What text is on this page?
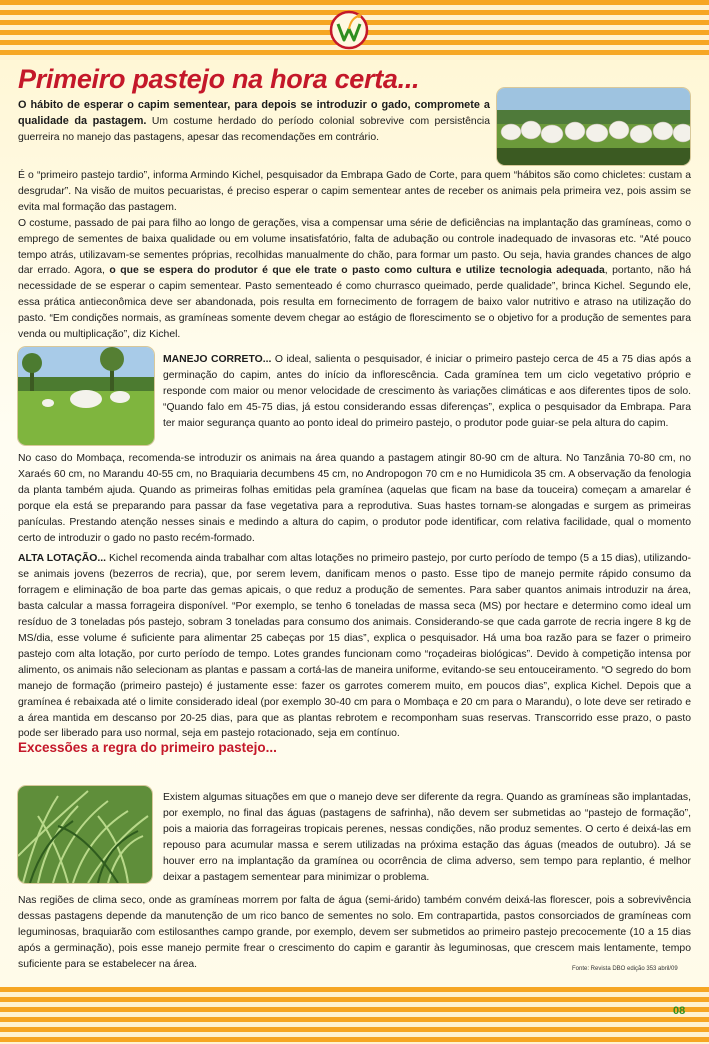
Primeiro pastejo na hora certa...

O hábito de esperar o capim sementear, para depois se introduzir o gado, compromete a qualidade da pastagem. Um costume herdado do período colonial sobrevive com persistência guerreira no manejo das pastagens, apesar das recomendações em contrário.

É o “primeiro pastejo tardio”, informa Armindo Kichel, pesquisador da Embrapa Gado de Corte, para quem “hábitos são como chicletes: custam a desgrudar”. Na visão de muitos pecuaristas, é preciso esperar o capim sementear antes de receber os animais pela primeira vez, pois assim se evita mal formação das pastagem.

O costume, passado de pai para filho ao longo de gerações, visa a compensar uma série de deficiências na implantação das gramíneas, como o emprego de sementes de baixa qualidade ou em volume insatisfatório, falta de adubação ou controle inadequado de invasoras etc. “Até pouco tempo atrás, utilizavam-se sementes próprias, recolhidas manualmente do chão, para formar um pasto. Ou seja, havia grandes chances de algo dar errado. Agora, o que se espera do produtor é que ele trate o pasto como cultura e utilize tecnologia adequada, portanto, não há necessidade de se esperar o capim sementear. Pasto sementeado é como churrasco queimado, perde qualidade”, brinca Kichel. Segundo ele, essa prática antieconômica deve ser abandonada, pois resulta em fornecimento de forragem de baixo valor nutritivo e atraso na utilização do pasto. “Em condições normais, as gramíneas somente devem chegar ao estágio de florescimento se o objetivo for a produção de sementes para venda ou multiplicação”, diz Kichel.

MANEJO CORRETO... O ideal, salienta o pesquisador, é iniciar o primeiro pastejo cerca de 45 a 75 dias após a germinação do capim, antes do início da inflorescência. Cada gramínea tem um ciclo vegetativo próprio e responde com maior ou menor velocidade de crescimento às variações climáticas e aos diferentes tipos de solo. “Quando falo em 45-75 dias, já estou considerando essas diferenças”, explica o pesquisador da Embrapa. Para ter maior segurança quanto ao ponto ideal do primeiro pastejo, o produtor pode guiar-se pela altura do capim.

No caso do Mombaça, recomenda-se introduzir os animais na área quando a pastagem atingir 80-90 cm de altura. No Tanzânia 70-80 cm, no Xaraés 60 cm, no Marandu 40-55 cm, no Braquiaria decumbens 45 cm, no Andropogon 70 cm e no Humidicola 35 cm. A observação da fenologia da planta também ajuda. Quando as primeiras folhas emitidas pela gramínea (aquelas que ficam na base da touceira) começam a amarelar é porque ela está se preparando para passar da fase vegetativa para a reprodutiva. Suas hastes tornam-se alongadas e surgem as primeiras panículas. Prestando atenção nesses sinais e medindo a altura do capim, o produtor pode identificar, com relativa facilidade, qual o momento certo de introduzir o gado no pasto recém-formado.

ALTA LOTAÇÃO... Kichel recomenda ainda trabalhar com altas lotações no primeiro pastejo, por curto período de tempo (5 a 15 dias), utilizando-se animais jovens (bezerros de recria), que, por serem levem, danificam menos o pasto. Esse tipo de manejo permite rápido consumo da forragem e eliminação de boa parte das gemas apicais, o que reduz a produção de sementes. Para saber quantos animais introduzir na área, basta calcular a massa forrageira disponível. “Por exemplo, se tenho 6 toneladas de massa seca (MS) por hectare e determino como ideal um resíduo de 3 toneladas pós pastejo, sobram 3 toneladas para consumo dos animais. Considerando-se que cada garrote de recria ingere 8 kg de MS/dia, esse volume é suficiente para alimentar 25 cabeças por 15 dias”, explica o pesquisador. Há uma boa razão para se fazer o primeiro pastejo com alta lotação, por curto período de tempo. Lotes grandes funcionam como “roçadeiras biológicas”. Devido à competição intensa por alimento, os animais não selecionam as plantas e passam a cortá-las de maneira uniforme, evitando-se seu entouceiramento. “O segredo do bom manejo de formação (primeiro pastejo) é justamente esse: fazer os garrotes comerem muito, em poucos dias”, explica Kichel. Depois que a gramínea é rebaixada até o limite considerado ideal (por exemplo 30-40 cm para o Mombaça e 20 cm para o Marandu), o lote deve ser retirado e a área mantida em descanso por 20-25 dias, para que as plantas rebrotem e recomponham suas reservas. Transcorrido esse prazo, o pasto pode ser liberado para uso normal, seja em pastejo rotacionado, seja em contínuo.

Excessões a regra do primeiro pastejo...

Existem algumas situações em que o manejo deve ser diferente da regra. Quando as gramíneas são implantadas, por exemplo, no final das águas (pastagens de safrinha), não devem ser submetidas ao “pastejo de formação”, pois a maioria das forrageiras tropicais perenes, nessas condições, não produz sementes. O certo é deixá-las em repouso para acumular massa e serem utilizadas na próxima estação das águas (meados de outubro). Já se houver erro na implantação da gramínea ou ocorrência de clima adverso, sem tempo para replantio, é melhor deixar a pastagem sementear para minimizar o problema.

Nas regiões de clima seco, onde as gramíneas morrem por falta de água (semi-árido) também convém deixá-las florescer, pois a sobrevivência dessas pastagens depende da manutenção de um rico banco de sementes no solo. Em contrapartida, pastos consorciados de gramíneas com leguminosas, braquiarão com estilosanthes campo grande, por exemplo, devem ser submetidos ao primeiro pastejo precocemente (10 a 15 dias após a germinação), pois esse manejo permite frear o crescimento do capim e garantir às leguminosas, que crescem mais lentamente, tempo suficiente para se estabelecer na área.	Fonte: Revista DBO edição 353 abril/09
08
